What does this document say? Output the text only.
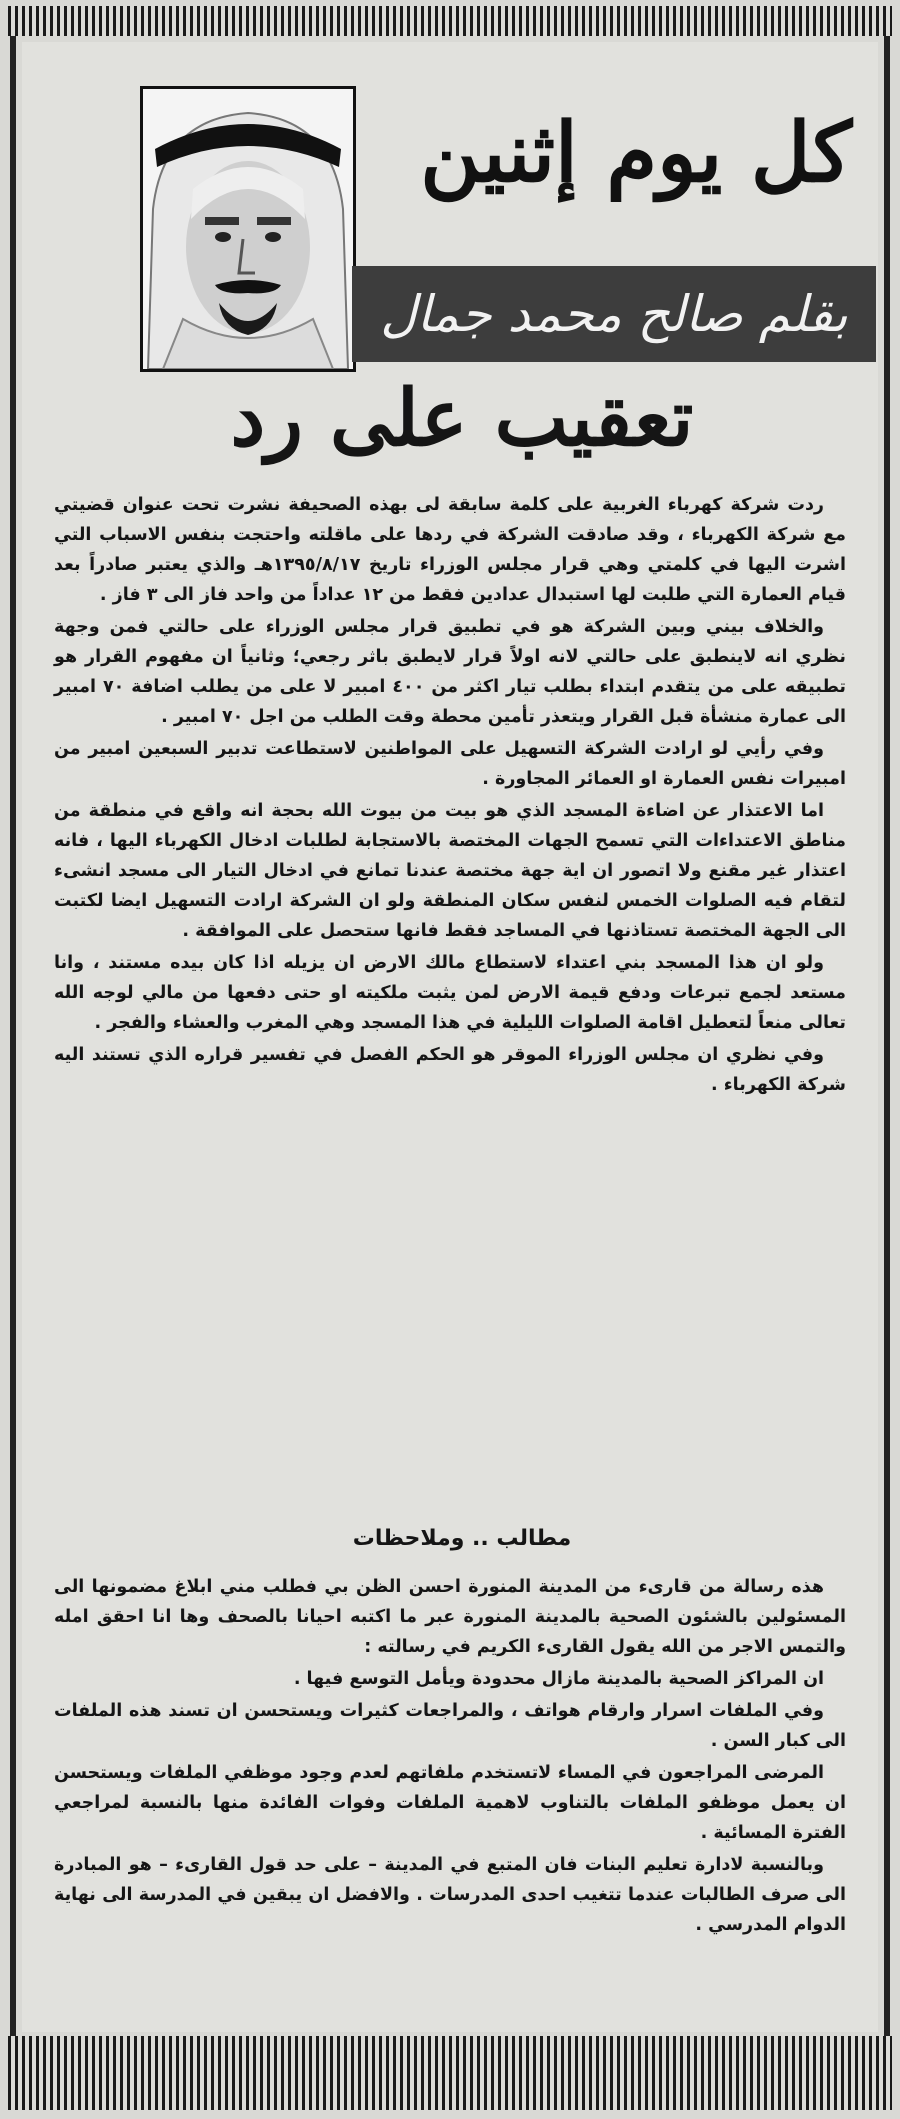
كل يوم إثنين
بقلم صالح محمد جمال
تعقيب على رد

ردت شركة كهرباء الغربية على كلمة سابقة لى بهذه الصحيفة نشرت تحت عنوان قضيتي مع شركة الكهرباء ، وقد صادقت الشركة في ردها على ماقلته واحتجت بنفس الاسباب التي اشرت اليها في كلمتي وهي قرار مجلس الوزراء تاريخ ١٣٩٥/٨/١٧هـ والذي يعتبر صادراً بعد قيام العمارة التي طلبت لها استبدال عدادين فقط من ١٢ عداداً من واحد فاز الى ٣ فاز .

والخلاف بيني وبين الشركة هو في تطبيق قرار مجلس الوزراء على حالتي فمن وجهة نظري انه لاينطبق على حالتي لانه اولاً قرار لايطبق باثر رجعي؛ وثانياً ان مفهوم القرار هو تطبيقه على من يتقدم ابتداء بطلب تيار اكثر من ٤٠٠ امبير لا على من يطلب اضافة ٧٠ امبير الى عمارة منشأة قبل القرار ويتعذر تأمين محطة وقت الطلب من اجل ٧٠ امبير .

وفي رأيي لو ارادت الشركة التسهيل على المواطنين لاستطاعت تدبير السبعين امبير من امبيرات نفس العمارة او العمائر المجاورة .

اما الاعتذار عن اضاءة المسجد الذي هو بيت من بيوت الله بحجة انه واقع في منطقة من مناطق الاعتداءات التي تسمح الجهات المختصة بالاستجابة لطلبات ادخال الكهرباء اليها ، فانه اعتذار غير مقنع ولا اتصور ان اية جهة مختصة عندنا تمانع في ادخال التيار الى مسجد انشىء لتقام فيه الصلوات الخمس لنفس سكان المنطقة ولو ان الشركة ارادت التسهيل ايضا لكتبت الى الجهة المختصة تستاذنها في المساجد فقط فانها ستحصل على الموافقة .

ولو ان هذا المسجد بني اعتداء لاستطاع مالك الارض ان يزيله اذا كان بيده مستند ، وانا مستعد لجمع تبرعات ودفع قيمة الارض لمن يثبت ملكيته او حتى دفعها من مالي لوجه الله تعالى منعاً لتعطيل اقامة الصلوات الليلية في هذا المسجد وهي المغرب والعشاء والفجر .

وفي نظري ان مجلس الوزراء الموقر هو الحكم الفصل في تفسير قراره الذي تستند اليه شركة الكهرباء .

مطالب .. وملاحظات

هذه رسالة من قارىء من المدينة المنورة احسن الظن بي فطلب مني ابلاغ مضمونها الى المسئولين بالشئون الصحية بالمدينة المنورة عبر ما اكتبه احيانا بالصحف وها انا احقق امله والتمس الاجر من الله يقول القارىء الكريم في رسالته :

ان المراكز الصحية بالمدينة مازال محدودة ويأمل التوسع فيها .

وفي الملفات اسرار وارقام هواتف ، والمراجعات كثيرات ويستحسن ان تسند هذه الملفات الى كبار السن .

المرضى المراجعون في المساء لاتستخدم ملفاتهم لعدم وجود موظفي الملفات ويستحسن ان يعمل موظفو الملفات بالتناوب لاهمية الملفات وفوات الفائدة منها بالنسبة لمراجعي الفترة المسائية .

وبالنسبة لادارة تعليم البنات فان المتبع في المدينة – على حد قول القارىء – هو المبادرة الى صرف الطالبات عندما تتغيب احدى المدرسات . والافضل ان يبقين في المدرسة الى نهاية الدوام المدرسي .
